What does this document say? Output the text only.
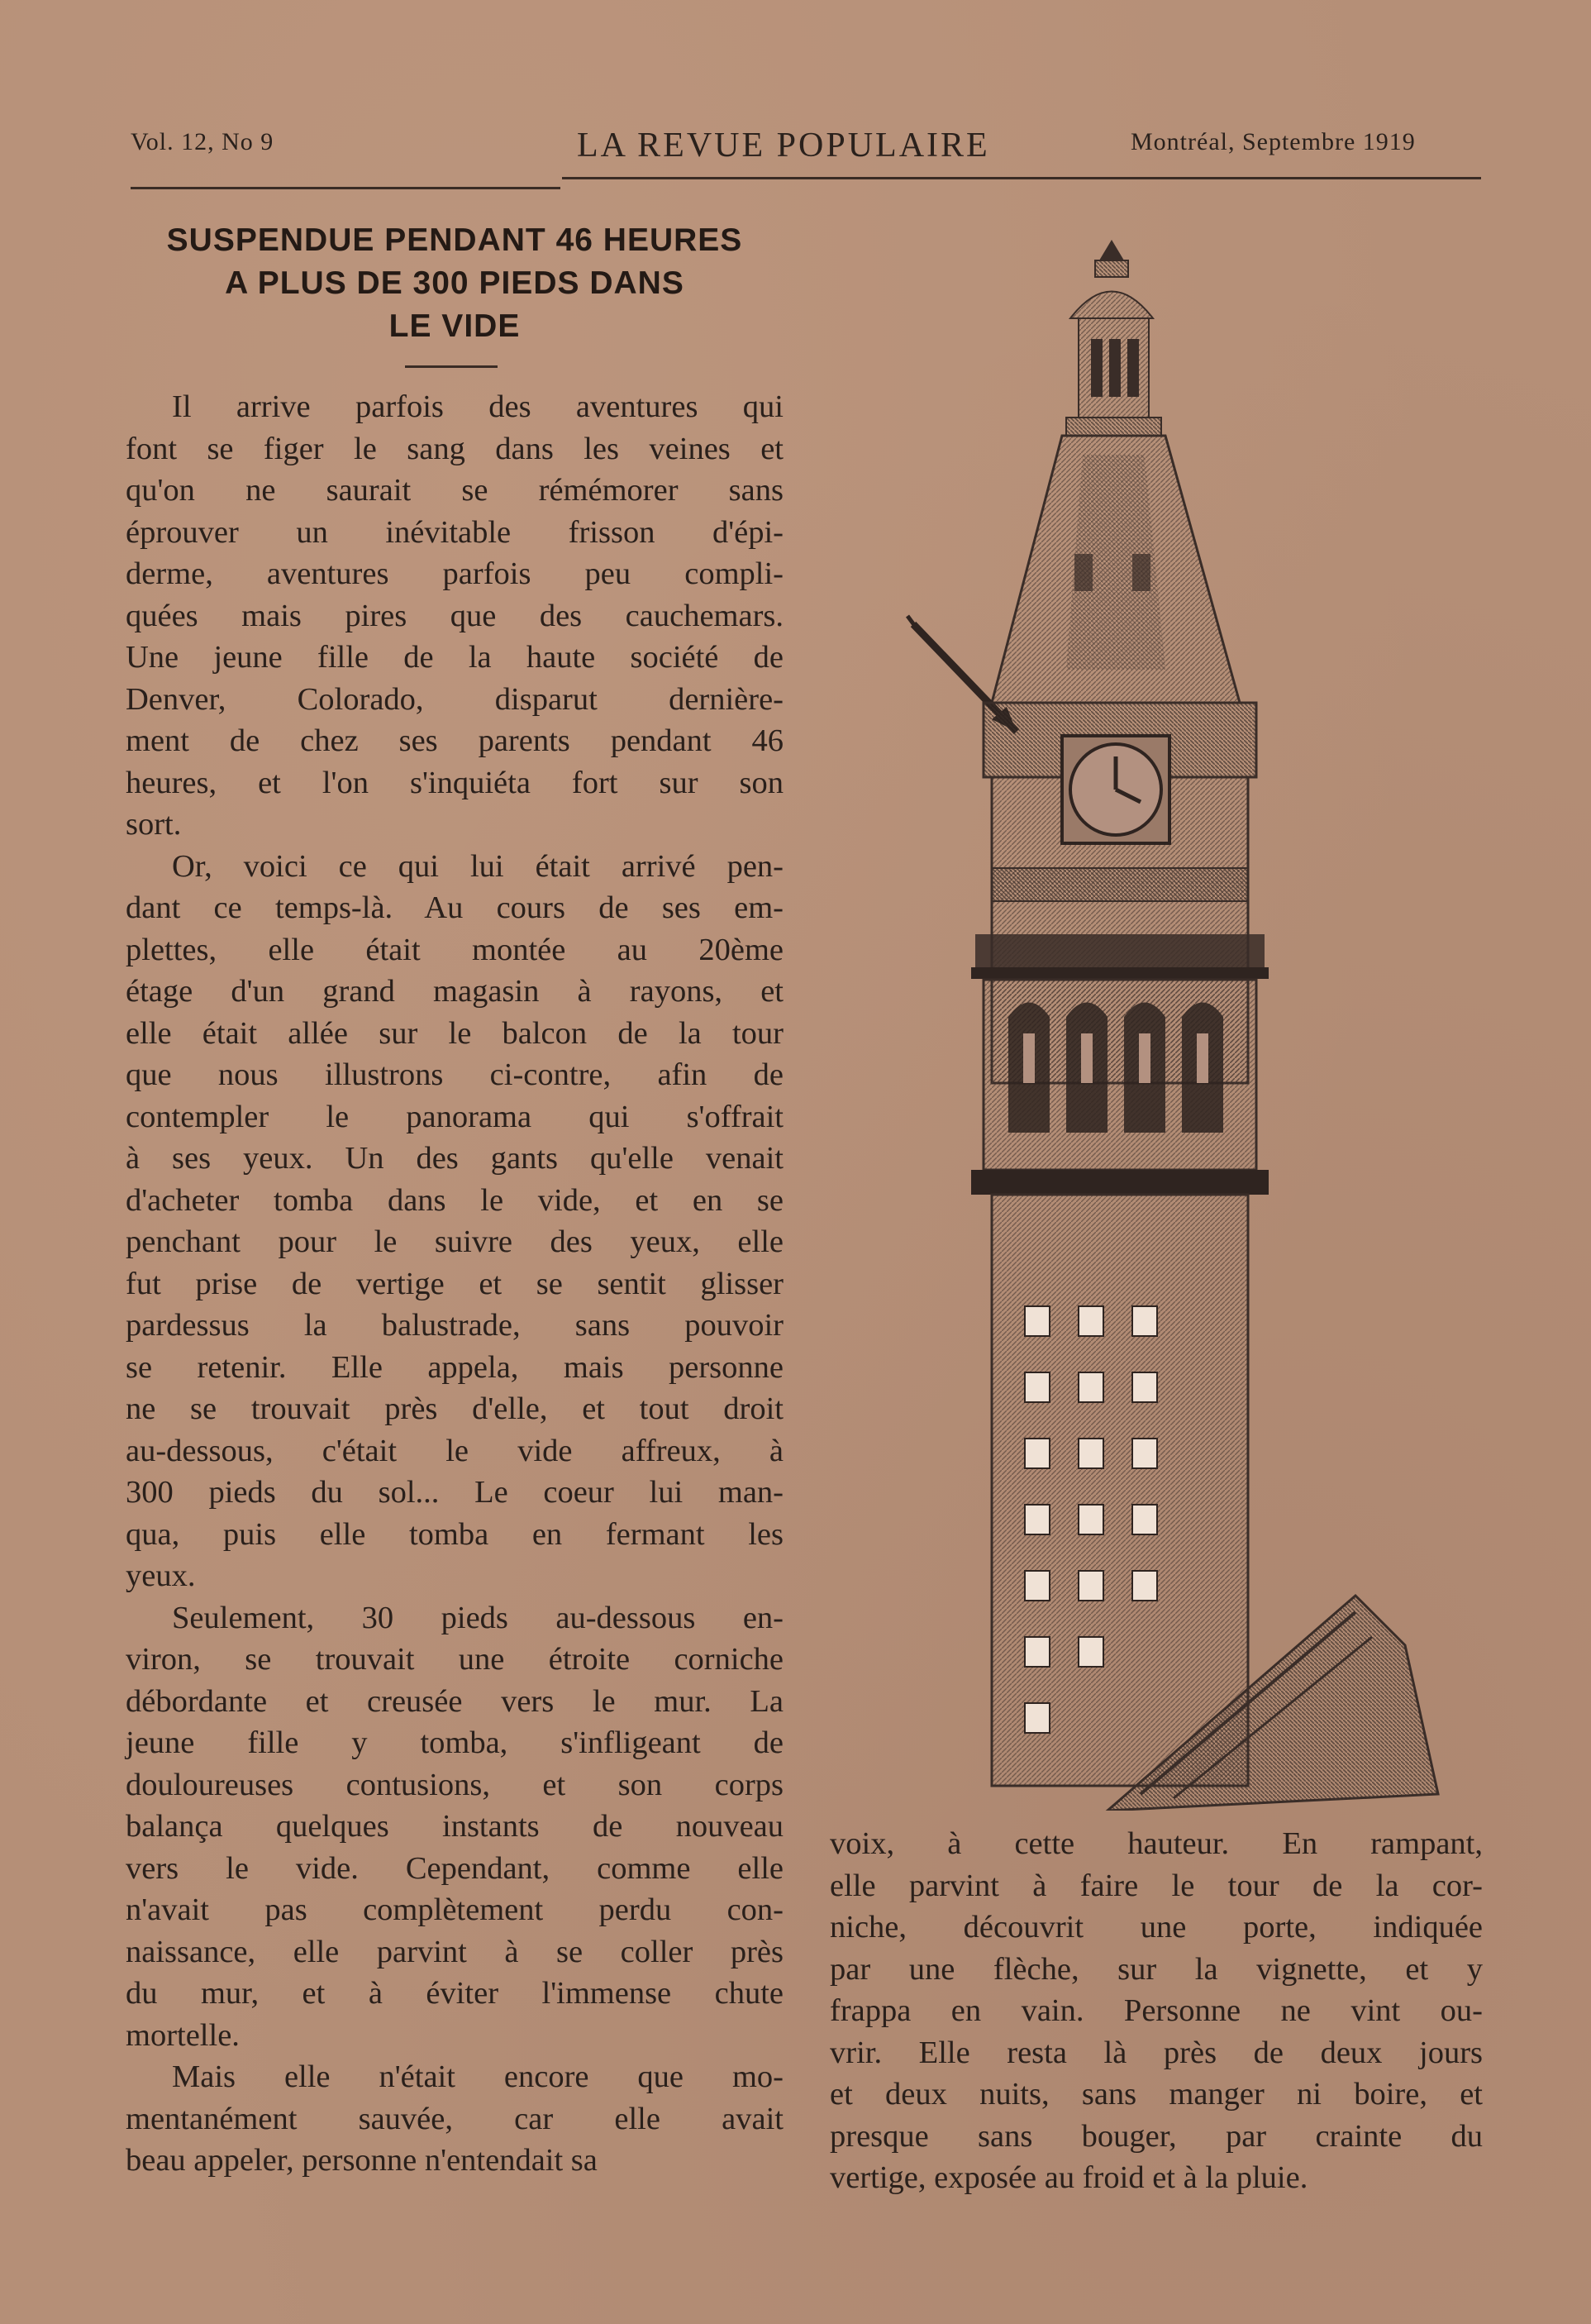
Vol. 12, No 9	LA REVUE POPULAIRE	Montréal, Septembre 1919
SUSPENDUE PENDANT 46 HEURES
A PLUS DE 300 PIEDS DANS
LE VIDE
Il arrive parfois des aventures qui
font se figer le sang dans les veines et
qu'on ne saurait se rémémorer sans
éprouver un inévitable frisson d'épi-
derme, aventures parfois peu compli-
quées mais pires que des cauchemars.
Une jeune fille de la haute société de
Denver, Colorado, disparut dernière-
ment de chez ses parents pendant 46
heures, et l'on s'inquiéta fort sur son
sort.
Or, voici ce qui lui était arrivé pen-
dant ce temps-là. Au cours de ses em-
plettes, elle était montée au 20ème
étage d'un grand magasin à rayons, et
elle était allée sur le balcon de la tour
que nous illustrons ci-contre, afin de
contempler le panorama qui s'offrait
à ses yeux. Un des gants qu'elle venait
d'acheter tomba dans le vide, et en se
penchant pour le suivre des yeux, elle
fut prise de vertige et se sentit glisser
pardessus la balustrade, sans pouvoir
se retenir. Elle appela, mais personne
ne se trouvait près d'elle, et tout droit
au-dessous, c'était le vide affreux, à
300 pieds du sol... Le coeur lui man-
qua, puis elle tomba en fermant les
yeux.
Seulement, 30 pieds au-dessous en-
viron, se trouvait une étroite corniche
débordante et creusée vers le mur. La
jeune fille y tomba, s'infligeant de
douloureuses contusions, et son corps
balança quelques instants de nouveau
vers le vide. Cependant, comme elle
n'avait pas complètement perdu con-
naissance, elle parvint à se coller près
du mur, et à éviter l'immense chute
mortelle.
Mais elle n'était encore que mo-
mentanément sauvée, car elle avait
beau appeler, personne n'entendait sa
voix, à cette hauteur. En rampant,
elle parvint à faire le tour de la cor-
niche, découvrit une porte, indiquée
par une flèche, sur la vignette, et y
frappa en vain. Personne ne vint ou-
vrir. Elle resta là près de deux jours
et deux nuits, sans manger ni boire, et
presque sans bouger, par crainte du
vertige, exposée au froid et à la pluie.
